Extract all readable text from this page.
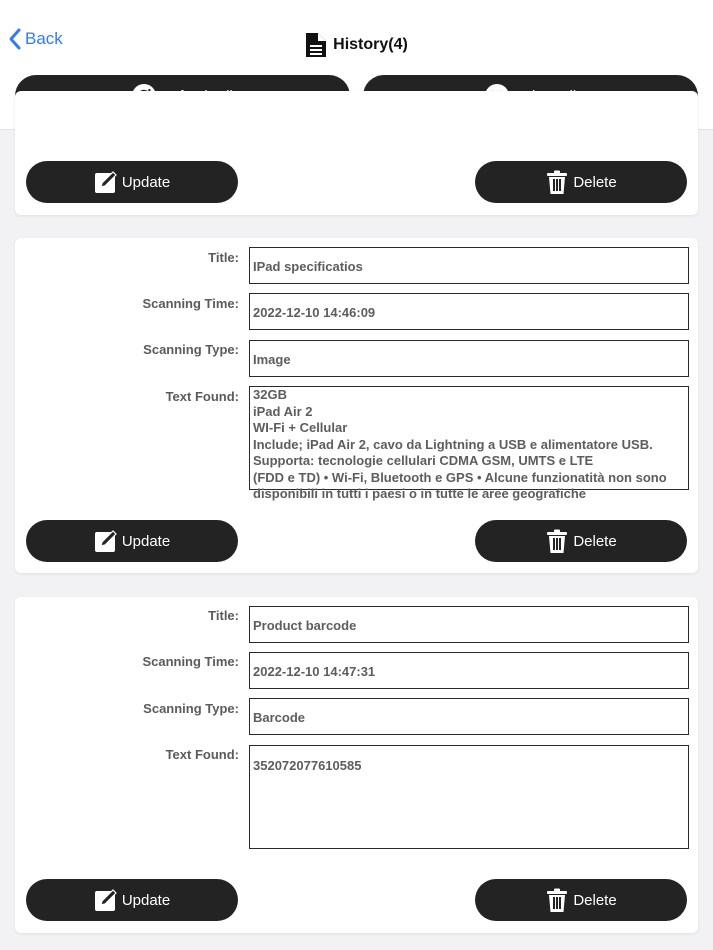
Back	History(4)
Update	Delete
Title:
IPad specificatios
Scanning Time:
2022-12-10 14:46:09
Scanning Type:
Image
Text Found:	32GB
iPad Air 2
WI-Fi + Cellular
Include; iPad Air 2, cavo da Lightning a USB e alimentatore USB.
Supporta: tecnologie cellulari CDMA GSM, UMTS e LTE
(FDD e TD) • Wi-Fi, Bluetooth e GPS • Alcune funzionatità non sono
disponibili in tutti i paesi o in tutte le aree geografiche
Update	Delete
Title:
Product barcode
Scanning Time:
2022-12-10 14:47:31
Scanning Type:
Barcode
Text Found:
352072077610585
Update	Delete
